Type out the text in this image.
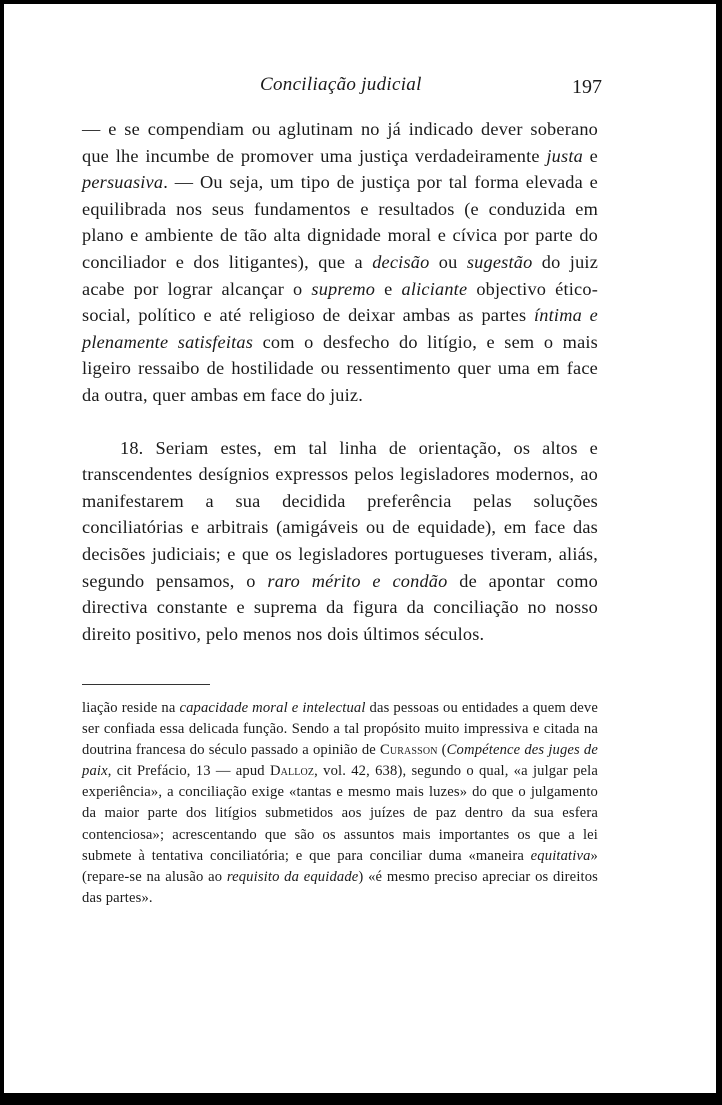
Conciliação judicial	197

— e se compendiam ou aglutinam no já indicado dever soberano que lhe incumbe de promover uma justiça verdadeiramente justa e persuasiva. — Ou seja, um tipo de justiça por tal forma elevada e equilibrada nos seus fundamentos e resultados (e conduzida em plano e ambiente de tão alta dignidade moral e cívica por parte do conciliador e dos litigantes), que a decisão ou sugestão do juiz acabe por lograr alcançar o supremo e aliciante objectivo ético-social, político e até religioso de deixar ambas as partes íntima e plenamente satisfeitas com o desfecho do litígio, e sem o mais ligeiro ressaibo de hostilidade ou ressentimento quer uma em face da outra, quer ambas em face do juiz.

18. Seriam estes, em tal linha de orientação, os altos e transcendentes desígnios expressos pelos legisladores modernos, ao manifestarem a sua decidida preferência pelas soluções conciliatórias e arbitrais (amigáveis ou de equidade), em face das decisões judiciais; e que os legisladores portugueses tiveram, aliás, segundo pensamos, o raro mérito e condão de apontar como directiva constante e suprema da figura da conciliação no nosso direito positivo, pelo menos nos dois últimos séculos.

liação reside na capacidade moral e intelectual das pessoas ou entidades a quem deve ser confiada essa delicada função. Sendo a tal propósito muito impressiva e citada na doutrina francesa do século passado a opinião de Curasson (Compétence des juges de paix, cit Prefácio, 13 — apud Dalloz, vol. 42, 638), segundo o qual, «a julgar pela experiência», a conciliação exige «tantas e mesmo mais luzes» do que o julgamento da maior parte dos litígios submetidos aos juízes de paz dentro da sua esfera contenciosa»; acrescentando que são os assuntos mais importantes os que a lei submete à tentativa conciliatória; e que para conciliar duma «maneira equitativa» (repare-se na alusão ao requisito da equidade) «é mesmo preciso apreciar os direitos das partes».
